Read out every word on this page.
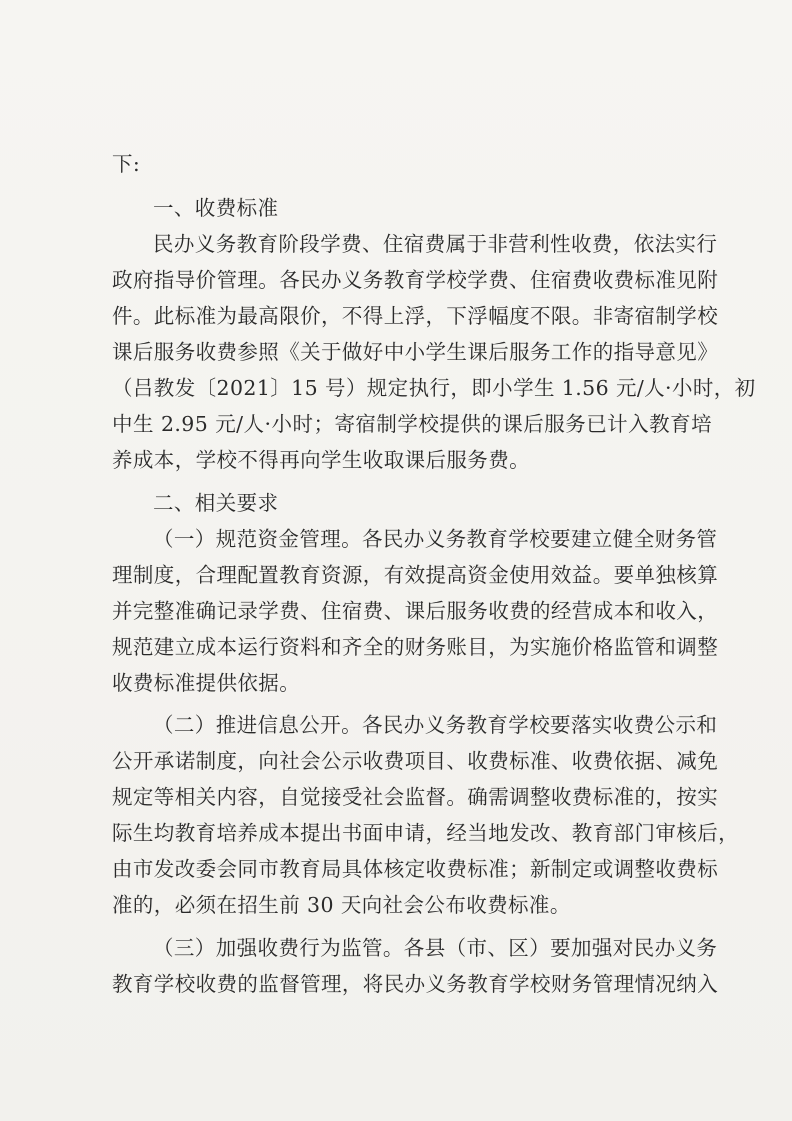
下:
一、收费标准
民办义务教育阶段学费、住宿费属于非营利性收费，依法实行
政府指导价管理。各民办义务教育学校学费、住宿费收费标准见附
件。此标准为最高限价，不得上浮，下浮幅度不限。非寄宿制学校
课后服务收费参照《关于做好中小学生课后服务工作的指导意见》
（吕教发〔2021〕15 号）规定执行，即小学生 1.56 元/人·小时，初
中生 2.95 元/人·小时；寄宿制学校提供的课后服务已计入教育培
养成本，学校不得再向学生收取课后服务费。
二、相关要求
（一）规范资金管理。各民办义务教育学校要建立健全财务管
理制度，合理配置教育资源，有效提高资金使用效益。要单独核算
并完整准确记录学费、住宿费、课后服务收费的经营成本和收入，
规范建立成本运行资料和齐全的财务账目，为实施价格监管和调整
收费标准提供依据。
（二）推进信息公开。各民办义务教育学校要落实收费公示和
公开承诺制度，向社会公示收费项目、收费标准、收费依据、减免
规定等相关内容，自觉接受社会监督。确需调整收费标准的，按实
际生均教育培养成本提出书面申请，经当地发改、教育部门审核后，
由市发改委会同市教育局具体核定收费标准；新制定或调整收费标
准的，必须在招生前 30 天向社会公布收费标准。
（三）加强收费行为监管。各县（市、区）要加强对民办义务
教育学校收费的监督管理，将民办义务教育学校财务管理情况纳入
